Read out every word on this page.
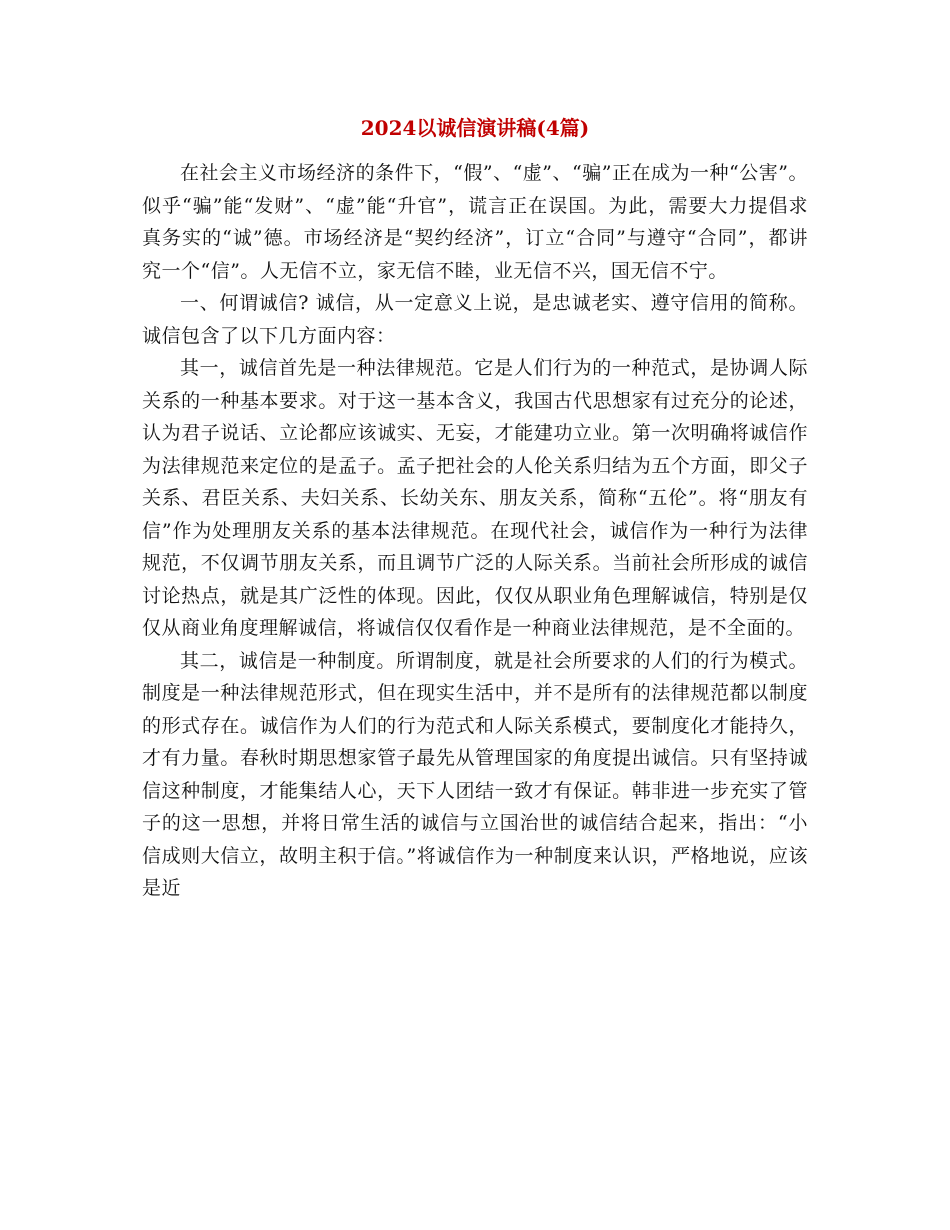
2024以诚信演讲稿(4篇)

在社会主义市场经济的条件下，“假”、“虚”、“骗”正在成为一种“公害”。似乎“骗”能“发财”、“虚”能“升官”，谎言正在误国。为此，需要大力提倡求真务实的“诚”德。市场经济是“契约经济”，订立“合同”与遵守“合同”，都讲究一个“信”。人无信不立，家无信不睦，业无信不兴，国无信不宁。

一、何谓诚信? 诚信，从一定意义上说，是忠诚老实、遵守信用的简称。诚信包含了以下几方面内容：

其一，诚信首先是一种法律规范。它是人们行为的一种范式，是协调人际关系的一种基本要求。对于这一基本含义，我国古代思想家有过充分的论述，认为君子说话、立论都应该诚实、无妄，才能建功立业。第一次明确将诚信作为法律规范来定位的是孟子。孟子把社会的人伦关系归结为五个方面，即父子关系、君臣关系、夫妇关系、长幼关东、朋友关系，简称“五伦”。将“朋友有信”作为处理朋友关系的基本法律规范。在现代社会，诚信作为一种行为法律规范，不仅调节朋友关系，而且调节广泛的人际关系。当前社会所形成的诚信讨论热点，就是其广泛性的体现。因此，仅仅从职业角色理解诚信，特别是仅仅从商业角度理解诚信，将诚信仅仅看作是一种商业法律规范，是不全面的。

其二，诚信是一种制度。所谓制度，就是社会所要求的人们的行为模式。制度是一种法律规范形式，但在现实生活中，并不是所有的法律规范都以制度的形式存在。诚信作为人们的行为范式和人际关系模式，要制度化才能持久，才有力量。春秋时期思想家管子最先从管理国家的角度提出诚信。只有坚持诚信这种制度，才能集结人心，天下人团结一致才有保证。韩非进一步充实了管子的这一思想，并将日常生活的诚信与立国治世的诚信结合起来，指出：“小信成则大信立，故明主积于信。”将诚信作为一种制度来认识，严格地说，应该是近
